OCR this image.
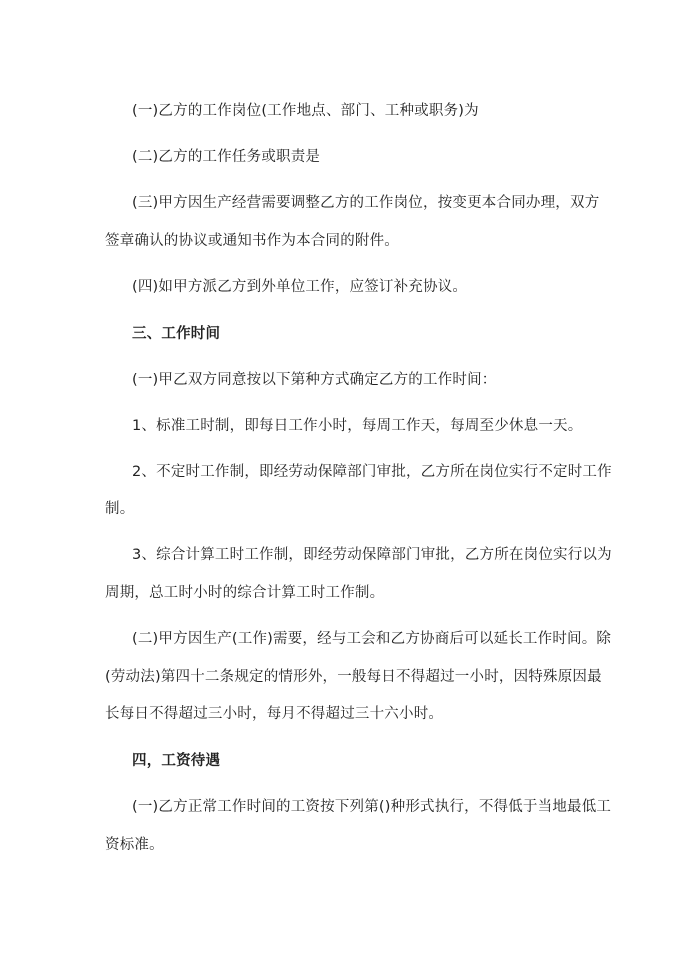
(一)乙方的工作岗位(工作地点、部门、工种或职务)为
(二)乙方的工作任务或职责是
(三)甲方因生产经营需要调整乙方的工作岗位，按变更本合同办理，双方
签章确认的协议或通知书作为本合同的附件。
(四)如甲方派乙方到外单位工作，应签订补充协议。
三、工作时间
(一)甲乙双方同意按以下第种方式确定乙方的工作时间：
1、标准工时制，即每日工作小时，每周工作天，每周至少休息一天。
2、不定时工作制，即经劳动保障部门审批，乙方所在岗位实行不定时工作
制。
3、综合计算工时工作制，即经劳动保障部门审批，乙方所在岗位实行以为
周期，总工时小时的综合计算工时工作制。
(二)甲方因生产(工作)需要，经与工会和乙方协商后可以延长工作时间。除
(劳动法)第四十二条规定的情形外，一般每日不得超过一小时，因特殊原因最
长每日不得超过三小时，每月不得超过三十六小时。
四，工资待遇
(一)乙方正常工作时间的工资按下列第()种形式执行，不得低于当地最低工
资标准。
